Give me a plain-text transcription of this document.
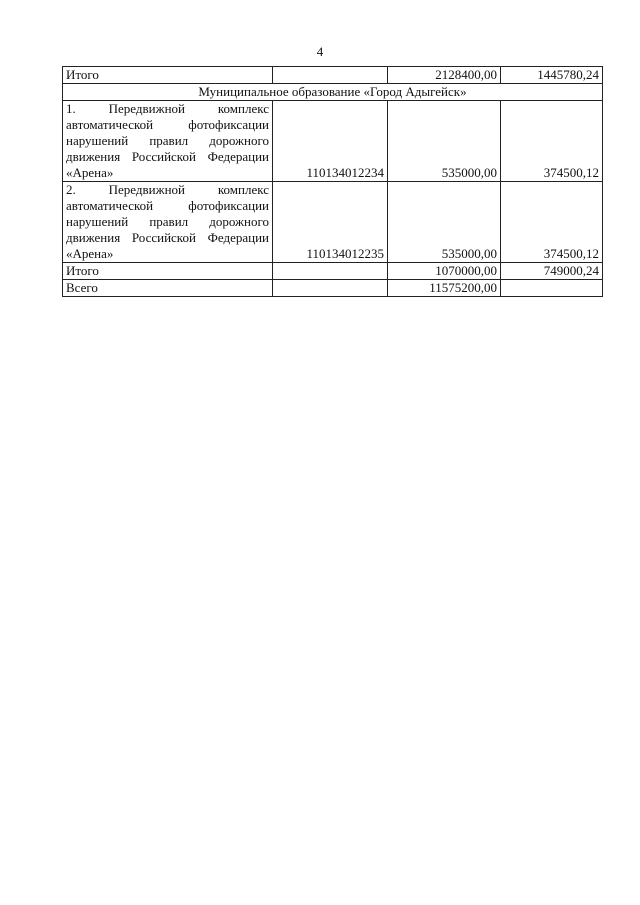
4
Итого		2128400,00	1445780,24
Муниципальное образование «Город Адыгейск»			
1. Передвижной комплекс автоматической фотофиксации нарушений правил дорожного движения Российской Федерации «Арена»	110134012234	535000,00	374500,12
2. Передвижной комплекс автоматической фотофиксации нарушений правил дорожного движения Российской Федерации «Арена»	110134012235	535000,00	374500,12
Итого		1070000,00	749000,24
Всего		11575200,00	
